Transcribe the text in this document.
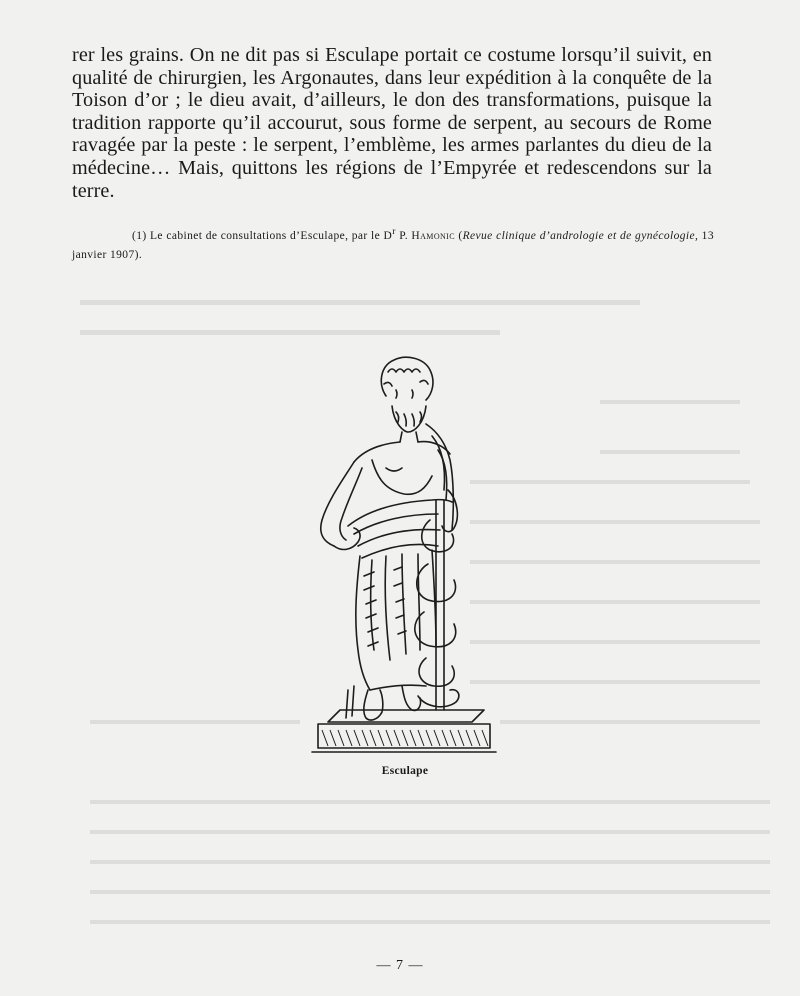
rer les grains. On ne dit pas si Esculape portait ce costume lorsqu’il suivit, en qualité de chirurgien, les Argonautes, dans leur expédition à la conquête de la Toison d’or ; le dieu avait, d’ailleurs, le don des transformations, puisque la tradition rapporte qu’il accourut, sous forme de serpent, au secours de Rome ravagée par la peste : le serpent, l’emblème, les armes parlantes du dieu de la médecine… Mais, quittons les régions de l’Empyrée et redescendons sur la terre.

(1) Le cabinet de consultations d’Esculape, par le $D^r$ P. Hamonic (Revue clinique d’andrologie et de gynécologie, 13 janvier 1907).

Esculape
— 7 —
